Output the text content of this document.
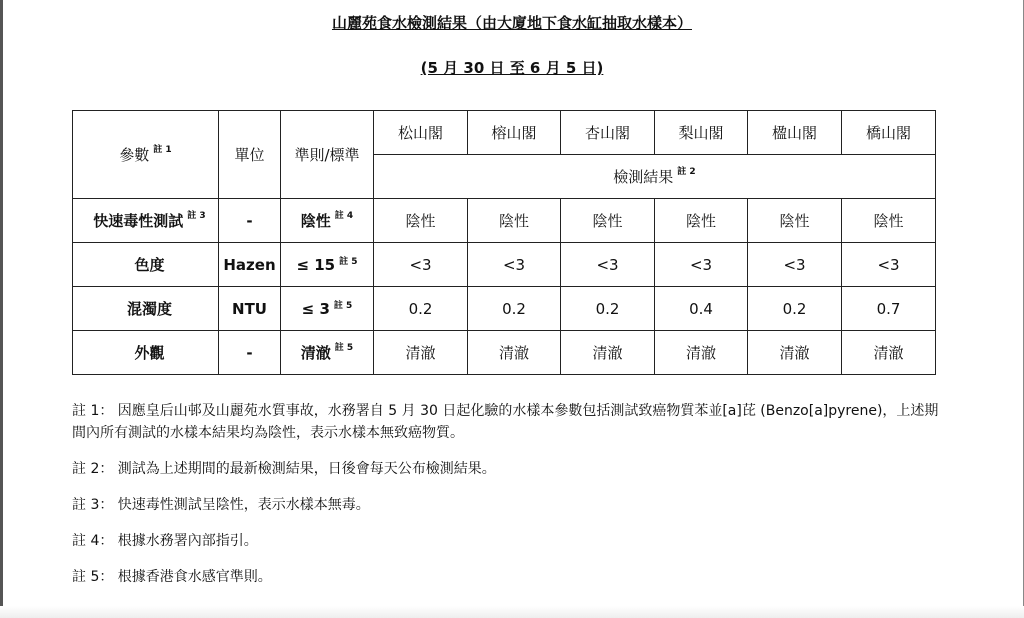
山麗苑食水檢測結果（由大廈地下食水缸抽取水樣本）
(5 月 30 日 至 6 月 5 日)
參數 $^{註 1}$	單位	準則/標準	松山閣	榕山閣	杏山閣	梨山閣	楹山閣	橋山閣
			檢測結果 $^{註 2}$
快速毒性測試 $^{註 3}$	-	陰性 $^{註 4}$	陰性	陰性	陰性	陰性	陰性	陰性
色度	Hazen	≤ 15 $^{註 5}$	<3	<3	<3	<3	<3	<3
混濁度	NTU	≤ 3 $^{註 5}$	0.2	0.2	0.2	0.4	0.2	0.7
外觀	-	清澈 $^{註 5}$	清澈	清澈	清澈	清澈	清澈	清澈
註 1： 因應皇后山邨及山麗苑水質事故，水務署自 5 月 30 日起化驗的水樣本參數包括測試致癌物質苯並[a]芘 (Benzo[a]pyrene)，上述期間內所有測試的水樣本結果均為陰性，表示水樣本無致癌物質。
註 2： 測試為上述期間的最新檢測結果，日後會每天公布檢測結果。
註 3： 快速毒性測試呈陰性，表示水樣本無毒。
註 4： 根據水務署內部指引。
註 5： 根據香港食水感官準則。
